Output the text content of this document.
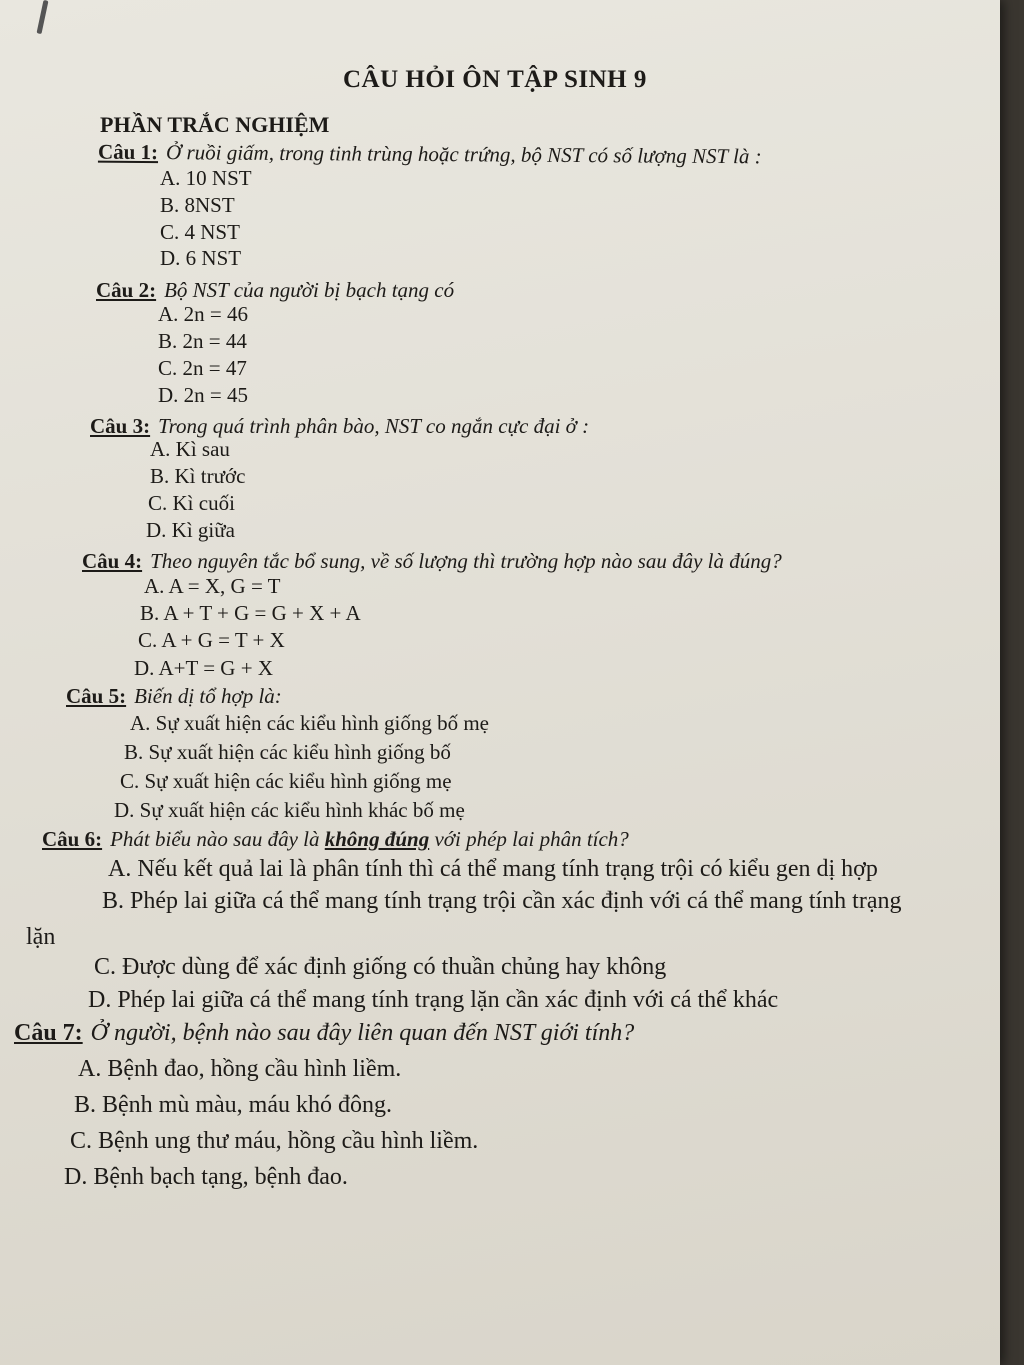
CÂU HỎI ÔN TẬP SINH 9
PHẦN TRẮC NGHIỆM
Câu 1: Ở ruồi giấm, trong tinh trùng hoặc trứng, bộ NST có số lượng NST là :
A. 10 NST
B. 8NST
C. 4 NST
D. 6 NST
Câu 2: Bộ NST của người bị bạch tạng có
A. 2n = 46
B. 2n = 44
C. 2n = 47
D. 2n = 45
Câu 3: Trong quá trình phân bào, NST co ngắn cực đại ở :
A. Kì sau
B. Kì trước
C. Kì cuối
D. Kì giữa
Câu 4: Theo nguyên tắc bổ sung, về số lượng thì trường hợp nào sau đây là đúng?
A. A = X, G = T
B. A + T + G = G + X + A
C. A + G = T + X
D. A+T = G + X
Câu 5: Biến dị tổ hợp là:
A. Sự xuất hiện các kiểu hình giống bố mẹ
B. Sự xuất hiện các kiểu hình giống bố
C. Sự xuất hiện các kiểu hình giống mẹ
D. Sự xuất hiện các kiểu hình khác bố mẹ
Câu 6: Phát biểu nào sau đây là không đúng với phép lai phân tích?
A. Nếu kết quả lai là phân tính thì cá thể mang tính trạng trội có kiểu gen dị hợp
B. Phép lai giữa cá thể mang tính trạng trội cần xác định với cá thể mang tính trạng
lặn
C. Được dùng để xác định giống có thuần chủng hay không
D. Phép lai giữa cá thể mang tính trạng lặn cần xác định với cá thể khác
Câu 7: Ở người, bệnh nào sau đây liên quan đến NST giới tính?
A. Bệnh đao, hồng cầu hình liềm.
B. Bệnh mù màu, máu khó đông.
C. Bệnh ung thư máu, hồng cầu hình liềm.
D. Bệnh bạch tạng, bệnh đao.
